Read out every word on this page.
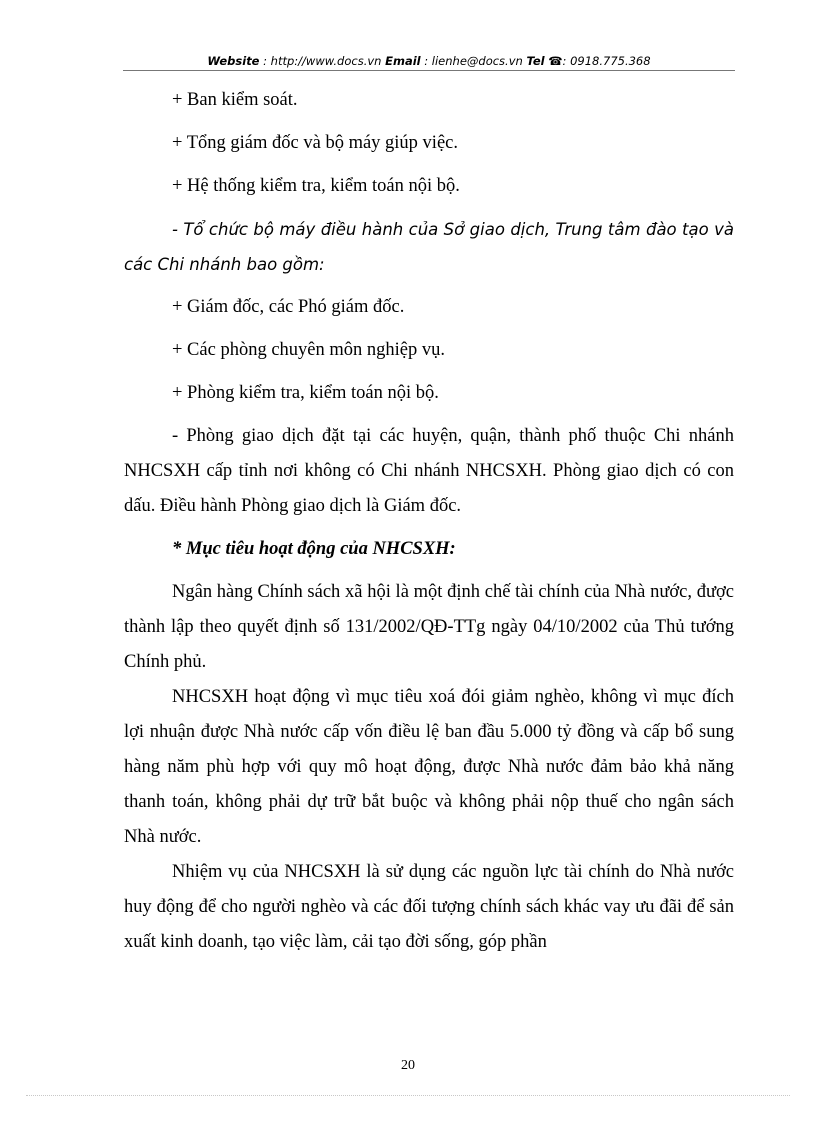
Website : http://www.docs.vn Email : lienhe@docs.vn Tel ☎: 0918.775.368

+ Ban kiểm soát.

+ Tổng giám đốc và bộ máy giúp việc.

+ Hệ thống kiểm tra, kiểm toán nội bộ.

- Tổ chức bộ máy điều hành của Sở giao dịch, Trung tâm đào tạo và các Chi nhánh bao gồm:

+ Giám đốc, các Phó giám đốc.

+ Các phòng chuyên môn nghiệp vụ.

+ Phòng kiểm tra, kiểm toán nội bộ.

- Phòng giao dịch đặt tại các huyện, quận, thành phố thuộc Chi nhánh NHCSXH cấp tỉnh nơi không có Chi nhánh NHCSXH. Phòng giao dịch có con dấu. Điều hành Phòng giao dịch là Giám đốc.

* Mục tiêu hoạt động của NHCSXH:

Ngân hàng Chính sách xã hội là một định chế tài chính của Nhà nước, được thành lập theo quyết định số 131/2002/QĐ-TTg ngày 04/10/2002 của Thủ tướng Chính phủ.

NHCSXH hoạt động vì mục tiêu xoá đói giảm nghèo, không vì mục đích lợi nhuận được Nhà nước cấp vốn điều lệ ban đầu 5.000 tỷ đồng và cấp bổ sung hàng năm phù hợp với quy mô hoạt động, được Nhà nước đảm bảo khả năng thanh toán, không phải dự trữ bắt buộc và không phải nộp thuế cho ngân sách Nhà nước.

Nhiệm vụ của NHCSXH là sử dụng các nguồn lực tài chính do Nhà nước huy động để cho người nghèo và các đối tượng chính sách khác vay ưu đãi để sản xuất kinh doanh, tạo việc làm, cải tạo đời sống, góp phần

20
